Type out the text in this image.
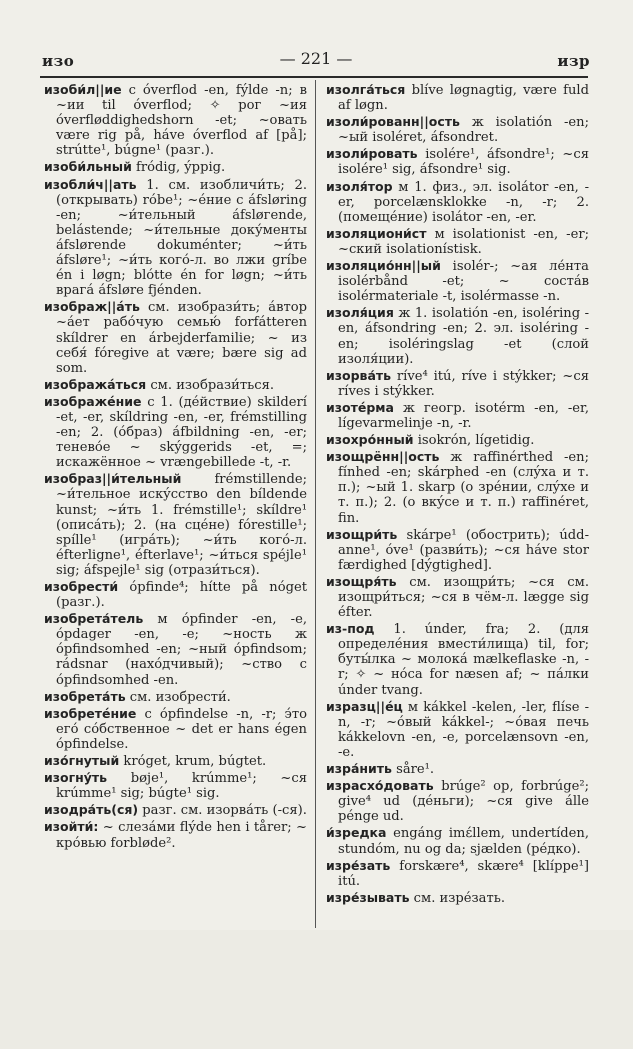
изо	— 221 —	изр

изоби́л||ие с óverflod -en, fýlde -n; в ~ии til óverflod; ✧ рог ~ия óverfløddighedshorn -et; ~овать være rig på, háve óverflod af [på]; strútte¹, búgne¹ (разг.).

изоби́льный fródig, ýppig.

изобли́ч||ать 1. см. изобличи́ть; 2. (открывать) róbe¹; ~éние с áfsløring -en; ~и́тельный áfsløгende, belástende; ~и́тельные доку́менты áfslørende dokuménter; ~и́ть áfsløre¹; ~и́ть кого́-л. во лжи gríbe én i løgn; blótte én for løgn; ~и́ть врагá áfsløre fjénden.

изображ||áть см. изобрази́ть; áвтор ~áет рабóчую семью́ forfátteren skíldrer en árbejderfamilie; ~ из себя́ fóregive at være; bære sig ad som.

изображáться см. изобрази́ться.

изображéние с 1. (дéйствие) skilderí -et, -er, skíldring -en, -er, frémstilling -en; 2. (óбраз) áfbildning -en, -er; тенево́е ~ skýggerids -et, =; искажённое ~ vrængebillede -t, -r.

изобраз||и́тельный frémstillende; ~и́тельное искýсство den bíldende kunst; ~и́ть 1. frémstille¹; skíldre¹ (описáть); 2. (на сцéне) fórestille¹; spílle¹ (игрáть); ~и́ть когó-л. éfterligne¹, éfterlave¹; ~и́ться spéjle¹ sig; áfspejle¹ sig (отрази́ться).

изобрести́ ópfinde⁴; hítte på nóget (разг.).

изобрета́тель м ópfinder -en, -e, ópdager -en, -e; ~ность ж ópfindsomhed -en; ~ный ópfindsom; rádsnar (нахóдчивый); ~ство с ópfindsomhed -en.

изобрета́ть см. изобрести́.

изобретéние с ópfindelse -n, -r; э́то его́ сóбственное ~ det er hans égen ópfindelse.

изо́гнутый króget, krum, búgtet.

изогну́ть bøje¹, krúmme¹; ~ся krúmme¹ sig; búgte¹ sig.

изодра́ть(ся) разг. см. изорвáть (-ся).

изойти́: ~ слезáми flýde hen i tårer; ~ крóвью forbløde².

изолга́ться blíve løgnagtig, være fuld af løgn.

изоли́рованн||ость ж isolatión -en; ~ый isoléret, áfsondret.

изоли́ровать isolére¹, áfsondre¹; ~ся isolére¹ sig, áfsondre¹ sig.

изоля́тор м 1. физ., эл. isolátor -en, -er, porcelænsklokke -n, -r; 2. (помещéние) isolátor -en, -er.

изоляциони́ст м isolationist -en, -er; ~ский isolationístisk.

изоляцио́нн||ый isolér-; ~ая ле́нта isolérbånd -et; ~ состáв isolérmateriale -t, isolérmasse -n.

изоля́ция ж 1. isolatión -en, isoléring -en, áfsondring -en; 2. эл. isoléring -en; isoléringslag -et (слой изоля́ции).

изорва́ть ríve⁴ itú, ríve i stýkker; ~ся ríves i stýkker.

изотéрма ж геогр. isotérm -en, -er, lígevarmelinje -n, -r.

изохро́нный isokrón, lígetidig.

изощрённ||ость ж raffinérthed -en; fínhed -en; skárphed -en (слýха и т. п.); ~ый 1. skarp (о зрéнии, слýхе и т. п.); 2. (о вкýсе и т. п.) raffinéret, fin.

изощри́ть skárpe¹ (обострить); úddanne¹, óve¹ (разви́ть); ~ся háve stor færdighed [dýgtighed].

изощря́ть см. изощри́ть; ~ся см. изощри́ться; ~ся в чём-л. lægge sig éfter.

из-под 1. únder, fra; 2. (для определéния вмести́лища) til, for; буты́лка ~ молокá mælkeflaske -n, -r; ✧ ~ нóса for næsen af; ~ пáлки únder tvang.

изразц||éц м kákkel -kelen, -ler, flíse -n, -r; ~óвый kákkel-; ~óвая печь kákkelovn -en, -e, porcelænsovn -en, -e.

изра́нить såre¹.

израсхо́довать brúge² op, forbrúge²; give⁴ ud (дéньги); ~ся give álle pénge ud.

и́зредка engáng imέllem, undertíden, stundóm, nu og da; sjælden (рéдко).

изре́зать forskære⁴, skære⁴ [klíppe¹] itú.

изре́зывать см. изрéзать.
